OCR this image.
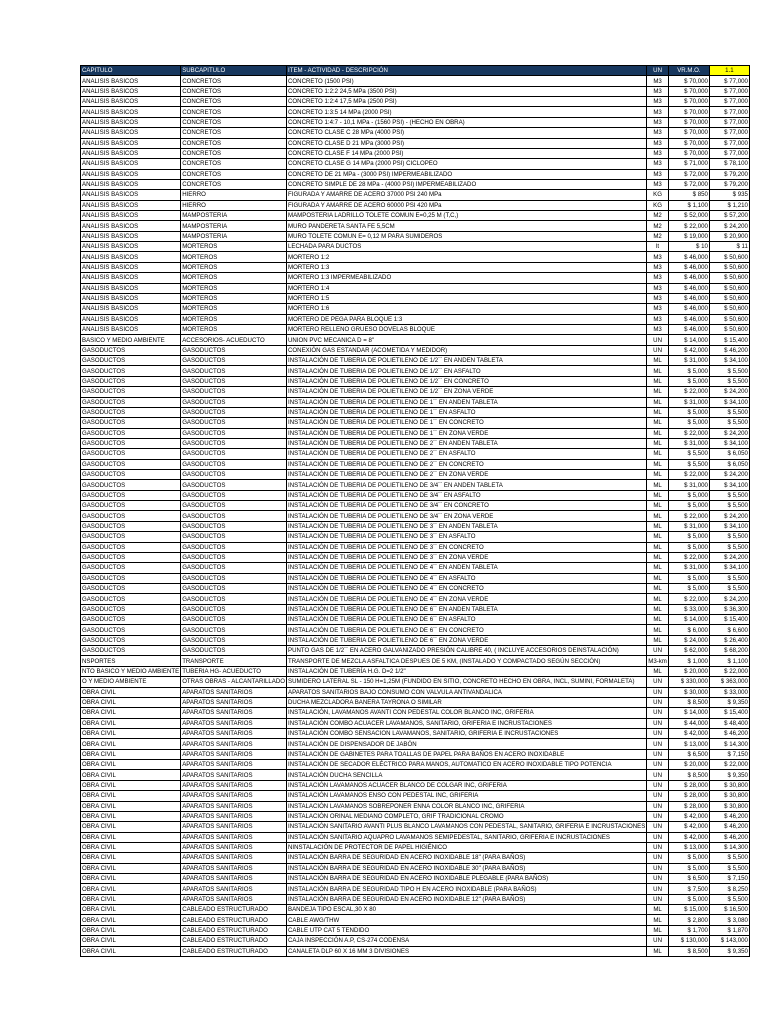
CAPITULO	SUBCAPITULO	ITEM - ACTIVIDAD - DESCRIPCIÓN	UN	VR.M.O.	1.1
ANALISIS BASICOS	CONCRETOS	CONCRETO (1500 PSI)	M3	$ 70,000	$ 77,000
ANALISIS BASICOS	CONCRETOS	CONCRETO 1:2:2 24,5 MPa (3500 PSI)	M3	$ 70,000	$ 77,000
ANALISIS BASICOS	CONCRETOS	CONCRETO 1:2:4 17,5 MPa (2500 PSI)	M3	$ 70,000	$ 77,000
ANALISIS BASICOS	CONCRETOS	CONCRETO 1:3:5 14 MPa (2000 PSI)	M3	$ 70,000	$ 77,000
ANALISIS BASICOS	CONCRETOS	CONCRETO 1:4:7 - 10,1 MPa - (1560 PSI) - (HECHO EN OBRA)	M3	$ 70,000	$ 77,000
ANALISIS BASICOS	CONCRETOS	CONCRETO CLASE C 28 MPa (4000 PSI)	M3	$ 70,000	$ 77,000
ANALISIS BASICOS	CONCRETOS	CONCRETO CLASE D 21 MPa (3000 PSI)	M3	$ 70,000	$ 77,000
ANALISIS BASICOS	CONCRETOS	CONCRETO CLASE F 14 MPa (2000 PSI)	M3	$ 70,000	$ 77,000
ANALISIS BASICOS	CONCRETOS	CONCRETO CLASE G 14 MPa (2000 PSI) CICLOPEO	M3	$ 71,000	$ 78,100
ANALISIS BASICOS	CONCRETOS	CONCRETO DE 21 MPa - (3000 PSI) IMPERMEABILIZADO	M3	$ 72,000	$ 79,200
ANALISIS BASICOS	CONCRETOS	CONCRETO SIMPLE DE 28 MPa - (4000 PSI) IMPERMEABILIZADO	M3	$ 72,000	$ 79,200
ANALISIS BASICOS	HIERRO	FIGURADA Y AMARRE DE ACERO 37000 PSI 240 MPa	KG	$ 850	$ 935
ANALISIS BASICOS	HIERRO	FIGURADA Y AMARRE DE ACERO 60000 PSI 420 MPa	KG	$ 1,100	$ 1,210
ANALISIS BASICOS	MAMPOSTERIA	MAMPOSTERIA LADRILLO TOLETE COMUN E=0,25 M (T,C,)	M2	$ 52,000	$ 57,200
ANALISIS BASICOS	MAMPOSTERIA	MURO PANDERETA SANTA FE 5,5CM	M2	$ 22,000	$ 24,200
ANALISIS BASICOS	MAMPOSTERIA	MURO TOLETE COMUN E= 0,12 M PARA SUMIDEROS	M2	$ 19,000	$ 20,900
ANALISIS BASICOS	MORTEROS	LECHADA PARA DUCTOS	lt	$ 10	$ 11
ANALISIS BASICOS	MORTEROS	MORTERO 1:2	M3	$ 46,000	$ 50,600
ANALISIS BASICOS	MORTEROS	MORTERO 1:3	M3	$ 46,000	$ 50,600
ANALISIS BASICOS	MORTEROS	MORTERO 1:3 IMPERMEABILIZADO	M3	$ 46,000	$ 50,600
ANALISIS BASICOS	MORTEROS	MORTERO 1:4	M3	$ 46,000	$ 50,600
ANALISIS BASICOS	MORTEROS	MORTERO 1:5	M3	$ 46,000	$ 50,600
ANALISIS BASICOS	MORTEROS	MORTERO 1:6	M3	$ 46,000	$ 50,600
ANALISIS BASICOS	MORTEROS	MORTERO DE PEGA PARA BLOQUE 1:3	M3	$ 46,000	$ 50,600
ANALISIS BASICOS	MORTEROS	MORTERO RELLENO GRUESO DOVELAS BLOQUE	M3	$ 46,000	$ 50,600
BASICO Y MEDIO AMBIENTE	ACCESORIOS- ACUEDUCTO	UNION PVC MECANICA D = 8"	UN	$ 14,000	$ 15,400
GASODUCTOS	GASODUCTOS	CONEXIÓN GAS ESTANDAR (ACOMETIDA Y MEDIDOR)	UN	$ 42,000	$ 46,200
GASODUCTOS	GASODUCTOS	INSTALACIÓN DE TUBERIA DE POLIETILENO DE 1/2´´ EN ANDEN TABLETA	ML	$ 31,000	$ 34,100
GASODUCTOS	GASODUCTOS	INSTALACIÓN DE TUBERIA DE POLIETILENO DE 1/2´´ EN ASFALTO	ML	$ 5,000	$ 5,500
GASODUCTOS	GASODUCTOS	INSTALACIÓN DE TUBERIA DE POLIETILENO DE 1/2´´ EN CONCRETO	ML	$ 5,000	$ 5,500
GASODUCTOS	GASODUCTOS	INSTALACIÓN DE TUBERIA DE POLIETILENO DE 1/2´´ EN ZONA VERDE	ML	$ 22,000	$ 24,200
GASODUCTOS	GASODUCTOS	INSTALACIÓN DE TUBERIA DE POLIETILENO DE 1´´ EN ANDEN TABLETA	ML	$ 31,000	$ 34,100
GASODUCTOS	GASODUCTOS	INSTALACIÓN DE TUBERIA DE POLIETILENO DE 1´´ EN ASFALTO	ML	$ 5,000	$ 5,500
GASODUCTOS	GASODUCTOS	INSTALACIÓN DE TUBERIA DE POLIETILENO DE 1´´ EN CONCRETO	ML	$ 5,000	$ 5,500
GASODUCTOS	GASODUCTOS	INSTALACIÓN DE TUBERIA DE POLIETILENO DE 1´´ EN ZONA VERDE	ML	$ 22,000	$ 24,200
GASODUCTOS	GASODUCTOS	INSTALACIÓN DE TUBERIA DE POLIETILENO DE 2´´ EN ANDEN TABLETA	ML	$ 31,000	$ 34,100
GASODUCTOS	GASODUCTOS	INSTALACIÓN DE TUBERIA DE POLIETILENO DE 2´´ EN ASFALTO	ML	$ 5,500	$ 6,050
GASODUCTOS	GASODUCTOS	INSTALACIÓN DE TUBERIA DE POLIETILENO DE 2´´ EN CONCRETO	ML	$ 5,500	$ 6,050
GASODUCTOS	GASODUCTOS	INSTALACIÓN DE TUBERIA DE POLIETILENO DE 2´´ EN ZONA VERDE	ML	$ 22,000	$ 24,200
GASODUCTOS	GASODUCTOS	INSTALACIÓN DE TUBERIA DE POLIETILENO DE 3/4´´ EN ANDEN TABLETA	ML	$ 31,000	$ 34,100
GASODUCTOS	GASODUCTOS	INSTALACIÓN DE TUBERIA DE POLIETILENO DE 3/4´´ EN ASFALTO	ML	$ 5,000	$ 5,500
GASODUCTOS	GASODUCTOS	INSTALACIÓN DE TUBERIA DE POLIETILENO DE 3/4´´ EN CONCRETO	ML	$ 5,000	$ 5,500
GASODUCTOS	GASODUCTOS	INSTALACIÓN DE TUBERIA DE POLIETILENO DE 3/4´´ EN ZONA VERDE	ML	$ 22,000	$ 24,200
GASODUCTOS	GASODUCTOS	INSTALACIÓN DE TUBERIA DE POLIETILENO DE 3´´ EN ANDEN TABLETA	ML	$ 31,000	$ 34,100
GASODUCTOS	GASODUCTOS	INSTALACIÓN DE TUBERIA DE POLIETILENO DE 3´´ EN ASFALTO	ML	$ 5,000	$ 5,500
GASODUCTOS	GASODUCTOS	INSTALACIÓN DE TUBERIA DE POLIETILENO DE 3´´ EN CONCRETO	ML	$ 5,000	$ 5,500
GASODUCTOS	GASODUCTOS	INSTALACIÓN DE TUBERIA DE POLIETILENO DE 3´´ EN ZONA VERDE	ML	$ 22,000	$ 24,200
GASODUCTOS	GASODUCTOS	INSTALACIÓN DE TUBERIA DE POLIETILENO DE 4´´ EN ANDEN TABLETA	ML	$ 31,000	$ 34,100
GASODUCTOS	GASODUCTOS	INSTALACIÓN DE TUBERIA DE POLIETILENO DE 4´´ EN ASFALTO	ML	$ 5,000	$ 5,500
GASODUCTOS	GASODUCTOS	INSTALACIÓN DE TUBERIA DE POLIETILENO DE 4´´ EN CONCRETO	ML	$ 5,000	$ 5,500
GASODUCTOS	GASODUCTOS	INSTALACIÓN DE TUBERIA DE POLIETILENO DE 4´´ EN ZONA VERDE	ML	$ 22,000	$ 24,200
GASODUCTOS	GASODUCTOS	INSTALACIÓN DE TUBERIA DE POLIETILENO DE 6´´ EN ANDEN TABLETA	ML	$ 33,000	$ 36,300
GASODUCTOS	GASODUCTOS	INSTALACIÓN DE TUBERIA DE POLIETILENO DE 6´´ EN ASFALTO	ML	$ 14,000	$ 15,400
GASODUCTOS	GASODUCTOS	INSTALACIÓN DE TUBERIA DE POLIETILENO DE 6´´ EN CONCRETO	ML	$ 6,000	$ 6,600
GASODUCTOS	GASODUCTOS	INSTALACIÓN DE TUBERIA DE POLIETILENO DE 6´´ EN ZONA VERDE	ML	$ 24,000	$ 26,400
GASODUCTOS	GASODUCTOS	PUNTO GAS DE 1/2´´ EN ACERO GALVANIZADO PRESIÓN CALIBRE 40, ( INCLUYE ACCESORIOS DEINSTALACIÓN)	UN	$ 62,000	$ 68,200
NSPORTES	TRANSPORTE	TRANSPORTE DE MEZCLA ASFALTICA DESPUES DE 5 KM, (INSTALADO Y COMPACTADO SEGÚN SECCIÓN)	M3-km	$ 1,000	$ 1,100
NTO BASICO Y MEDIO AMBIENTE	TUBERIA HG- ACUEDUCTO	INSTALACIÓN DE TUBERÍA H.G. D=2 1/2"	ML	$ 20,000	$ 22,000
O Y MEDIO AMBIENTE	OTRAS OBRAS - ALCANTARILLADO	SUMIDERO LATERAL SL - 150 H=1,25M (FUNDIDO EN SITIO, CONCRETO HECHO EN OBRA, INCL, SUMINI, FORMALETA)	UN	$ 330,000	$ 363,000
OBRA CIVIL	APARATOS SANITARIOS	APARATOS SANITARIOS BAJO CONSUMO CON VALVULA ANTIVANDALICA	UN	$ 30,000	$ 33,000
OBRA CIVIL	APARATOS SANITARIOS	DUCHA MEZCLADORA BANERA TAYRONA O SIMILAR	UN	$ 8,500	$ 9,350
OBRA CIVIL	APARATOS SANITARIOS	INSTALACIÓN, LAVAMANOS AVANTI CON PEDESTAL COLOR BLANCO INC, GRIFERIA	UN	$ 14,000	$ 15,400
OBRA CIVIL	APARATOS SANITARIOS	INSTALACIÓN COMBO ACUACER LAVAMANOS, SANITARIO, GRIFERIA E INCRUSTACIONES	UN	$ 44,000	$ 48,400
OBRA CIVIL	APARATOS SANITARIOS	INSTALACIÓN COMBO SENSACION LAVAMANOS, SANITARIO, GRIFERIA E INCRUSTACIONES	UN	$ 42,000	$ 46,200
OBRA CIVIL	APARATOS SANITARIOS	INSTALACIÓN DE DISPENSADOR DE JABÓN	UN	$ 13,000	$ 14,300
OBRA CIVIL	APARATOS SANITARIOS	INSTALACIÓN DE GABINETES PARA TOALLAS DE PAPEL PARA BAÑOS EN ACERO INOXIDABLE	UN	$ 6,500	$ 7,150
OBRA CIVIL	APARATOS SANITARIOS	INSTALACIÓN DE SECADOR ELÉCTRICO PARA MANOS, AUTOMATICO EN ACERO INOXIDABLE TIPO POTENCIA	UN	$ 20,000	$ 22,000
OBRA CIVIL	APARATOS SANITARIOS	INSTALACIÓN DUCHA SENCILLA	UN	$ 8,500	$ 9,350
OBRA CIVIL	APARATOS SANITARIOS	INSTALACIÓN LAVAMANOS ACUACER BLANCO DE COLGAR INC, GRIFERIA	UN	$ 28,000	$ 30,800
OBRA CIVIL	APARATOS SANITARIOS	INSTALACIÓN LAVAMANOS ENSO CON PEDESTAL INC, GRIFERIA	UN	$ 28,000	$ 30,800
OBRA CIVIL	APARATOS SANITARIOS	INSTALACIÓN LAVAMANOS SOBREPONER ENNA COLOR BLANCO INC, GRIFERIA	UN	$ 28,000	$ 30,800
OBRA CIVIL	APARATOS SANITARIOS	INSTALACIÓN ORINAL MEDIANO COMPLETO, GRIF TRADICIONAL CROMO	UN	$ 42,000	$ 46,200
OBRA CIVIL	APARATOS SANITARIOS	INSTALACIÓN SANITARIO AVANTI PLUS BLANCO LAVAMANOS CON PEDESTAL, SANITARIO, GRIFERIA E INCRUSTACIONES	UN	$ 42,000	$ 46,200
OBRA CIVIL	APARATOS SANITARIOS	INSTALACIÓN SANITARIO AQUAPRO LAVAMANOS SEMIPEDESTAL, SANITARIO, GRIFERIA E INCRUSTACIONES	UN	$ 42,000	$ 46,200
OBRA CIVIL	APARATOS SANITARIOS	NINSTALACIÓN DE PROTECTOR DE PAPEL HIGIÉNICO	UN	$ 13,000	$ 14,300
OBRA CIVIL	APARATOS SANITARIOS	INSTALACIÓN BARRA DE SEGURIDAD EN ACERO INOXIDABLE 18" (PARA BAÑOS)	UN	$ 5,000	$ 5,500
OBRA CIVIL	APARATOS SANITARIOS	INSTALACIÓN BARRA DE SEGURIDAD EN ACERO INOXIDABLE 30" (PARA BAÑOS)	UN	$ 5,000	$ 5,500
OBRA CIVIL	APARATOS SANITARIOS	INSTALACIÓN BARRA DE SEGURIDAD EN ACERO INOXIDABLE PLEGABLE (PARA BAÑOS)	UN	$ 6,500	$ 7,150
OBRA CIVIL	APARATOS SANITARIOS	INSTALACIÓN BARRA DE SEGURIDAD TIPO H EN ACERO INOXIDABLE (PARA BAÑOS)	UN	$ 7,500	$ 8,250
OBRA CIVIL	APARATOS SANITARIOS	INSTALACIÓN BARRA DE SEGURIDAD EN ACERO INOXIDABLE 12" (PARA BAÑOS)	UN	$ 5,000	$ 5,500
OBRA CIVIL	CABLEADO ESTRUCTURADO	BANDEJA TIPO ESCAL,30 X 80	ML	$ 15,000	$ 16,500
OBRA CIVIL	CABLEADO ESTRUCTURADO	CABLE AWG/THW	ML	$ 2,800	$ 3,080
OBRA CIVIL	CABLEADO ESTRUCTURADO	CABLE UTP CAT 5 TENDIDO	ML	$ 1,700	$ 1,870
OBRA CIVIL	CABLEADO ESTRUCTURADO	CAJA INSPECCIÓN A.P, CS-274 CODENSA	UN	$ 130,000	$ 143,000
OBRA CIVIL	CABLEADO ESTRUCTURADO	CANALETA DLP 60 X 16 MM 3 DIVISIONES	ML	$ 8,500	$ 9,350
